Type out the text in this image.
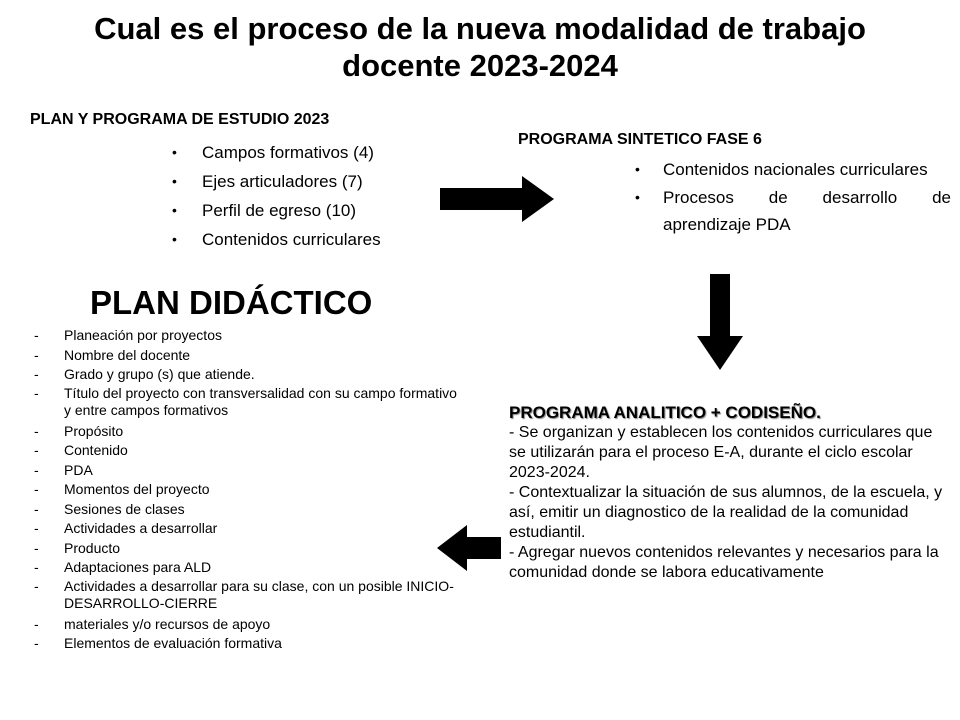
Cual es el proceso de la nueva modalidad de trabajo docente 2023-2024

PLAN Y PROGRAMA DE ESTUDIO 2023

• Campos formativos (4)
• Ejes articuladores (7)
• Perfil de egreso (10)
• Contenidos curriculares

PROGRAMA SINTETICO FASE 6

• Contenidos nacionales curriculares
• Procesos de desarrollo de aprendizaje PDA
PLAN DIDÁCTICO
- Planeación por proyectos
- Nombre del docente
- Grado y grupo (s) que atiende.
- Título del proyecto con transversalidad con su campo formativo y entre campos formativos
- Propósito
- Contenido
- PDA
- Momentos del proyecto
- Sesiones de clases
- Actividades a desarrollar
- Producto
- Adaptaciones para ALD
- Actividades a desarrollar para su clase, con un posible INICIO-DESARROLLO-CIERRE
- materiales y/o recursos de apoyo
- Elementos de evaluación formativa

PROGRAMA ANALITICO + CODISEÑO.

- Se organizan y establecen los contenidos curriculares que se utilizarán para el proceso E-A, durante el ciclo escolar 2023-2024.

- Contextualizar la situación de sus alumnos, de la escuela, y así, emitir un diagnostico de la realidad de la comunidad estudiantil.

- Agregar nuevos contenidos relevantes y necesarios para la comunidad donde se labora educativamente
